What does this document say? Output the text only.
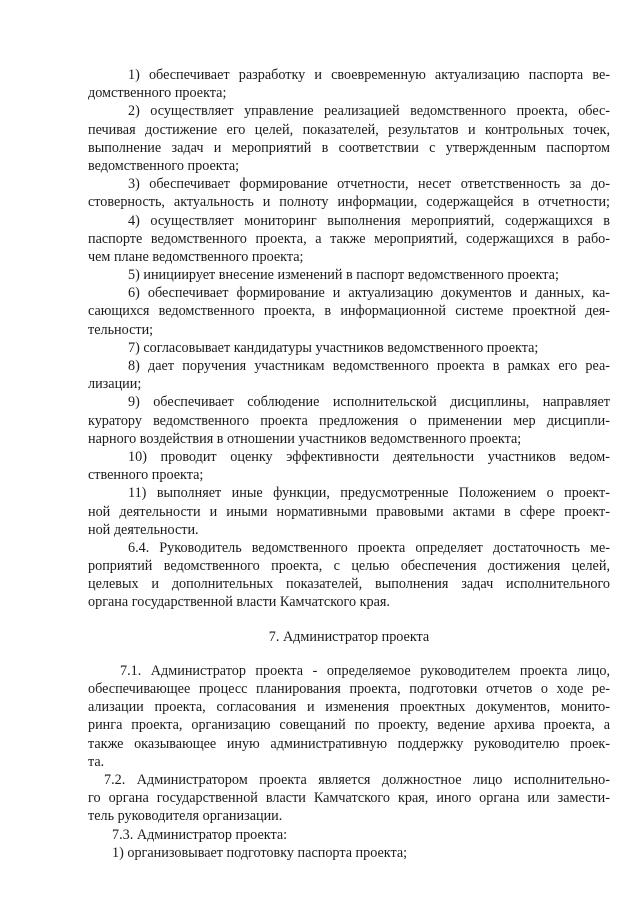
1) обеспечивает разработку и своевременную актуализацию паспорта ве-
домственного проекта;
2) осуществляет управление реализацией ведомственного проекта, обес-
печивая достижение его целей, показателей, результатов и контрольных точек,
выполнение задач и мероприятий в соответствии с утвержденным паспортом
ведомственного проекта;
3) обеспечивает формирование отчетности, несет ответственность за до-
стоверность, актуальность и полноту информации, содержащейся в отчетности;
4) осуществляет мониторинг выполнения мероприятий, содержащихся в
паспорте ведомственного проекта, а также мероприятий, содержащихся в рабо-
чем плане ведомственного проекта;
5) инициирует внесение изменений в паспорт ведомственного проекта;
6) обеспечивает формирование и актуализацию документов и данных, ка-
сающихся ведомственного проекта, в информационной системе проектной дея-
тельности;
7) согласовывает кандидатуры участников ведомственного проекта;
8) дает поручения участникам ведомственного проекта в рамках его реа-
лизации;
9) обеспечивает соблюдение исполнительской дисциплины, направляет
куратору ведомственного проекта предложения о применении мер дисципли-
нарного воздействия в отношении участников ведомственного проекта;
10) проводит оценку эффективности деятельности участников ведом-
ственного проекта;
11) выполняет иные функции, предусмотренные Положением о проект-
ной деятельности и иными нормативными правовыми актами в сфере проект-
ной деятельности.
6.4. Руководитель ведомственного проекта определяет достаточность ме-
роприятий ведомственного проекта, с целью обеспечения достижения целей,
целевых и дополнительных показателей, выполнения задач исполнительного
органа государственной власти Камчатского края.
7. Администратор проекта
7.1. Администратор проекта - определяемое руководителем проекта лицо,
обеспечивающее процесс планирования проекта, подготовки отчетов о ходе ре-
ализации проекта, согласования и изменения проектных документов, монито-
ринга проекта, организацию совещаний по проекту, ведение архива проекта, а
также оказывающее иную административную поддержку руководителю проек-
та.
7.2. Администратором проекта является должностное лицо исполнительно-
го органа государственной власти Камчатского края, иного органа или замести-
тель руководителя организации.
7.3. Администратор проекта:
1) организовывает подготовку паспорта проекта;
